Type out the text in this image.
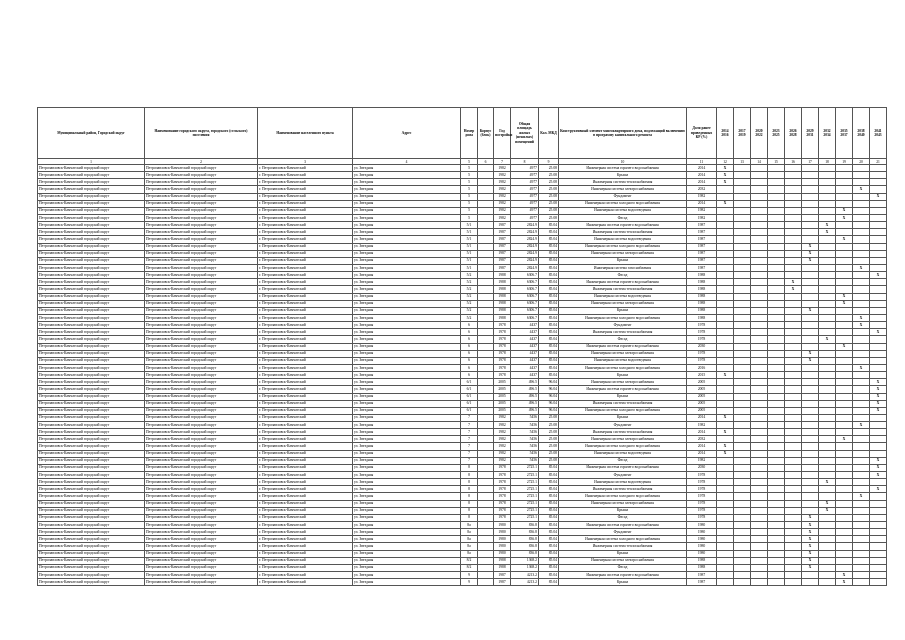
Муниципальный район, Городской округ	Наименование городского округа, городского (сельского) поселения	Наименование населенного пункта	Адрес	Номер дома	Корпус (блок)	Год постройки	Общая площадь жилых (нежилых) помещений	Кол. МКД	Конструктивный элемент многоквартирного дома, подлежащий включению в программу капитального ремонта	Доля ранее проведенных КР (%)	2014 2016	2017 2019	2020 2022	2023 2025	2026 2028	2029 2031	2032 2034	2035 2037	2038 2040	2041 2043
1	2	3	4	5	6	7	8	9	10	11	12	13	14	15	16	17	18	19	20	21
Петропавловск-Камчатский городской округ	Петропавловск-Камчатский городской округ	г. Петропавловск-Камчатский	ул. Звездная	5		1982	4977	25.08	Инженерная система горячего водоснабжения	2014	X									
Петропавловск-Камчатский городской округ	Петропавловск-Камчатский городской округ	г. Петропавловск-Камчатский	ул. Звездная	5		1982	4977	25.08	Крыша	2014	X									
Петропавловск-Камчатский городской округ	Петропавловск-Камчатский городской округ	г. Петропавловск-Камчатский	ул. Звездная	5		1982	4977	25.08	Инженерная система теплоснабжения	2014	X									
Петропавловск-Камчатский городской округ	Петропавловск-Камчатский городской округ	г. Петропавловск-Камчатский	ул. Звездная	5		1982	4977	25.08	Инженерная система электроснабжения	2032									X	
Петропавловск-Камчатский городской округ	Петропавловск-Камчатский городской округ	г. Петропавловск-Камчатский	ул. Звездная	5		1982	4977	25.08	Фундамент	1982										X
Петропавловск-Камчатский городской округ	Петропавловск-Камчатский городской округ	г. Петропавловск-Камчатский	ул. Звездная	5		1982	4977	25.08	Инженерная система холодного водоснабжения	2014	X									
Петропавловск-Камчатский городской округ	Петропавловск-Камчатский городской округ	г. Петропавловск-Камчатский	ул. Звездная	5		1982	4977	25.08	Инженерная система водоотведения	1982								X		
Петропавловск-Камчатский городской округ	Петропавловск-Камчатский городской округ	г. Петропавловск-Камчатский	ул. Звездная	5		1982	4977	25.08	Фасад	1982								X		
Петропавловск-Камчатский городской округ	Петропавловск-Камчатский городской округ	г. Петропавловск-Камчатский	ул. Звездная	5/1		1987	2824.9	85.04	Инженерная система горячего водоснабжения	1987							X			
Петропавловск-Камчатский городской округ	Петропавловск-Камчатский городской округ	г. Петропавловск-Камчатский	ул. Звездная	5/1		1987	2824.9	85.04	Инженерная система теплоснабжения	1987							X			
Петропавловск-Камчатский городской округ	Петропавловск-Камчатский городской округ	г. Петропавловск-Камчатский	ул. Звездная	5/1		1987	2824.9	85.04	Инженерная система водоотведения	1987								X		
Петропавловск-Камчатский городской округ	Петропавловск-Камчатский городской округ	г. Петропавловск-Камчатский	ул. Звездная	5/1		1987	2824.9	85.04	Инженерная система холодного водоснабжения	1987						X				
Петропавловск-Камчатский городской округ	Петропавловск-Камчатский городской округ	г. Петропавловск-Камчатский	ул. Звездная	5/1		1987	2824.9	85.04	Инженерная система электроснабжения	1987						X				
Петропавловск-Камчатский городской округ	Петропавловск-Камчатский городской округ	г. Петропавловск-Камчатский	ул. Звездная	5/1		1987	2824.9	85.04	Крыша	1987						X				
Петропавловск-Камчатский городской округ	Петропавловск-Камчатский городской округ	г. Петропавловск-Камчатский	ул. Звездная	5/1		1987	2824.9	85.04	Инженерная система газоснабжения	1987									X	
Петропавловск-Камчатский городской округ	Петропавловск-Камчатский городской округ	г. Петропавловск-Камчатский	ул. Звездная	5/2		1988	6306.7	85.04	Фасад	1988										X
Петропавловск-Камчатский городской округ	Петропавловск-Камчатский городской округ	г. Петропавловск-Камчатский	ул. Звездная	5/2		1988	6306.7	85.04	Инженерная система горячего водоснабжения	1988					X					
Петропавловск-Камчатский городской округ	Петропавловск-Камчатский городской округ	г. Петропавловск-Камчатский	ул. Звездная	5/2		1988	6306.7	85.04	Инженерная система теплоснабжения	1988					X					
Петропавловск-Камчатский городской округ	Петропавловск-Камчатский городской округ	г. Петропавловск-Камчатский	ул. Звездная	5/2		1988	6306.7	85.04	Инженерная система водоотведения	1988								X		
Петропавловск-Камчатский городской округ	Петропавловск-Камчатский городской округ	г. Петропавловск-Камчатский	ул. Звездная	5/2		1988	6306.7	85.04	Инженерная система электроснабжения	1988								X		
Петропавловск-Камчатский городской округ	Петропавловск-Камчатский городской округ	г. Петропавловск-Камчатский	ул. Звездная	5/2		1988	6306.7	85.04	Крыша	1988						X				
Петропавловск-Камчатский городской округ	Петропавловск-Камчатский городской округ	г. Петропавловск-Камчатский	ул. Звездная	5/2		1988	6306.7	85.04	Инженерная система холодного водоснабжения	1988									X	
Петропавловск-Камчатский городской округ	Петропавловск-Камчатский городской округ	г. Петропавловск-Камчатский	ул. Звездная	6		1978	4437	85.04	Фундамент	1978									X	
Петропавловск-Камчатский городской округ	Петропавловск-Камчатский городской округ	г. Петропавловск-Камчатский	ул. Звездная	6		1978	4437	85.04	Инженерная система теплоснабжения	1978										X
Петропавловск-Камчатский городской округ	Петропавловск-Камчатский городской округ	г. Петропавловск-Камчатский	ул. Звездная	6		1978	4437	85.04	Фасад	1978							X			
Петропавловск-Камчатский городской округ	Петропавловск-Камчатский городской округ	г. Петропавловск-Камчатский	ул. Звездная	6		1978	4437	85.04	Инженерная система горячего водоснабжения	2030								X		
Петропавловск-Камчатский городской округ	Петропавловск-Камчатский городской округ	г. Петропавловск-Камчатский	ул. Звездная	6		1978	4437	85.04	Инженерная система электроснабжения	1978						X				
Петропавловск-Камчатский городской округ	Петропавловск-Камчатский городской округ	г. Петропавловск-Камчатский	ул. Звездная	6		1978	4437	85.04	Инженерная система водоотведения	1978						X				
Петропавловск-Камчатский городской округ	Петропавловск-Камчатский городской округ	г. Петропавловск-Камчатский	ул. Звездная	6		1978	4437	85.04	Инженерная система холодного водоснабжения	2016									X	
Петропавловск-Камчатский городской округ	Петропавловск-Камчатский городской округ	г. Петропавловск-Камчатский	ул. Звездная	6		1978	4437	85.04	Крыша	2015	X									
Петропавловск-Камчатский городской округ	Петропавловск-Камчатский городской округ	г. Петропавловск-Камчатский	ул. Звездная	6/1		2005	496.5	96.04	Инженерная система электроснабжения	2005										X
Петропавловск-Камчатский городской округ	Петропавловск-Камчатский городской округ	г. Петропавловск-Камчатский	ул. Звездная	6/1		2005	496.5	96.04	Инженерная система горячего водоснабжения	2005										X
Петропавловск-Камчатский городской округ	Петропавловск-Камчатский городской округ	г. Петропавловск-Камчатский	ул. Звездная	6/1		2005	496.5	96.04	Крыша	2005										X
Петропавловск-Камчатский городской округ	Петропавловск-Камчатский городской округ	г. Петропавловск-Камчатский	ул. Звездная	6/1		2005	496.5	96.04	Инженерная система теплоснабжения	2005										X
Петропавловск-Камчатский городской округ	Петропавловск-Камчатский городской округ	г. Петропавловск-Камчатский	ул. Звездная	6/1		2005	496.5	96.04	Инженерная система холодного водоснабжения	2005										X
Петропавловск-Камчатский городской округ	Петропавловск-Камчатский городской округ	г. Петропавловск-Камчатский	ул. Звездная	7		1982	5456	25.08	Крыша	2014	X									
Петропавловск-Камчатский городской округ	Петропавловск-Камчатский городской округ	г. Петропавловск-Камчатский	ул. Звездная	7		1982	5456	25.08	Фундамент	1982									X	
Петропавловск-Камчатский городской округ	Петропавловск-Камчатский городской округ	г. Петропавловск-Камчатский	ул. Звездная	7		1982	5456	25.08	Инженерная система теплоснабжения	2014	X									
Петропавловск-Камчатский городской округ	Петропавловск-Камчатский городской округ	г. Петропавловск-Камчатский	ул. Звездная	7		1982	5456	25.08	Инженерная система электроснабжения	2032								X		
Петропавловск-Камчатский городской округ	Петропавловск-Камчатский городской округ	г. Петропавловск-Камчатский	ул. Звездная	7		1982	5456	25.08	Инженерная система холодного водоснабжения	2014	X									
Петропавловск-Камчатский городской округ	Петропавловск-Камчатский городской округ	г. Петропавловск-Камчатский	ул. Звездная	7		1982	5456	25.08	Инженерная система водоотведения	2014	X									
Петропавловск-Камчатский городской округ	Петропавловск-Камчатский городской округ	г. Петропавловск-Камчатский	ул. Звездная	7		1982	5456	25.08	Фасад	1982										X
Петропавловск-Камчатский городской округ	Петропавловск-Камчатский городской округ	г. Петропавловск-Камчатский	ул. Звездная	8		1978	2725.1	85.04	Инженерная система горячего водоснабжения	2030										X
Петропавловск-Камчатский городской округ	Петропавловск-Камчатский городской округ	г. Петропавловск-Камчатский	ул. Звездная	8		1978	2725.1	85.04	Фундамент	1978										X
Петропавловск-Камчатский городской округ	Петропавловск-Камчатский городской округ	г. Петропавловск-Камчатский	ул. Звездная	8		1978	2725.1	85.04	Инженерная система водоотведения	1978							X			
Петропавловск-Камчатский городской округ	Петропавловск-Камчатский городской округ	г. Петропавловск-Камчатский	ул. Звездная	8		1978	2725.1	85.04	Инженерная система теплоснабжения	1978										X
Петропавловск-Камчатский городской округ	Петропавловск-Камчатский городской округ	г. Петропавловск-Камчатский	ул. Звездная	8		1978	2725.1	85.04	Инженерная система холодного водоснабжения	1978									X	
Петропавловск-Камчатский городской округ	Петропавловск-Камчатский городской округ	г. Петропавловск-Камчатский	ул. Звездная	8		1978	2725.1	85.04	Инженерная система электроснабжения	1978							X			
Петропавловск-Камчатский городской округ	Петропавловск-Камчатский городской округ	г. Петропавловск-Камчатский	ул. Звездная	8		1978	2725.1	85.04	Крыша	1978							X			
Петропавловск-Камчатский городской округ	Петропавловск-Камчатский городской округ	г. Петропавловск-Камчатский	ул. Звездная	8		1978	2725.1	85.04	Фасад	1978						X				
Петропавловск-Камчатский городской округ	Петропавловск-Камчатский городской округ	г. Петропавловск-Камчатский	ул. Звездная	8а		1980	836.8	85.04	Инженерная система горячего водоснабжения	1980						X				
Петропавловск-Камчатский городской округ	Петропавловск-Камчатский городской округ	г. Петропавловск-Камчатский	ул. Звездная	8а		1980	836.8	85.04	Фундамент	1980						X				
Петропавловск-Камчатский городской округ	Петропавловск-Камчатский городской округ	г. Петропавловск-Камчатский	ул. Звездная	8а		1980	836.8	85.04	Инженерная система холодного водоснабжения	1980						X				
Петропавловск-Камчатский городской округ	Петропавловск-Камчатский городской округ	г. Петропавловск-Камчатский	ул. Звездная	8а		1980	836.8	85.04	Инженерная система теплоснабжения	1980						X				
Петропавловск-Камчатский городской округ	Петропавловск-Камчатский городской округ	г. Петропавловск-Камчатский	ул. Звездная	8а		1980	836.8	85.04	Крыша	1980						X				
Петропавловск-Камчатский городской округ	Петропавловск-Камчатский городской округ	г. Петропавловск-Камчатский	ул. Звездная	8/2		1988	1368.2	85.04	Инженерная система электроснабжения	1988						X				
Петропавловск-Камчатский городской округ	Петропавловск-Камчатский городской округ	г. Петропавловск-Камчатский	ул. Звездная	8/2		1988	1368.2	85.04	Фасад	1988						X				
Петропавловск-Камчатский городской округ	Петропавловск-Камчатский городской округ	г. Петропавловск-Камчатский	ул. Звездная	9		1987	4213.2	85.04	Инженерная система горячего водоснабжения	1987								X		
Петропавловск-Камчатский городской округ	Петропавловск-Камчатский городской округ	г. Петропавловск-Камчатский	ул. Звездная	9		1987	4213.2	85.04	Крыша	1987								X		
